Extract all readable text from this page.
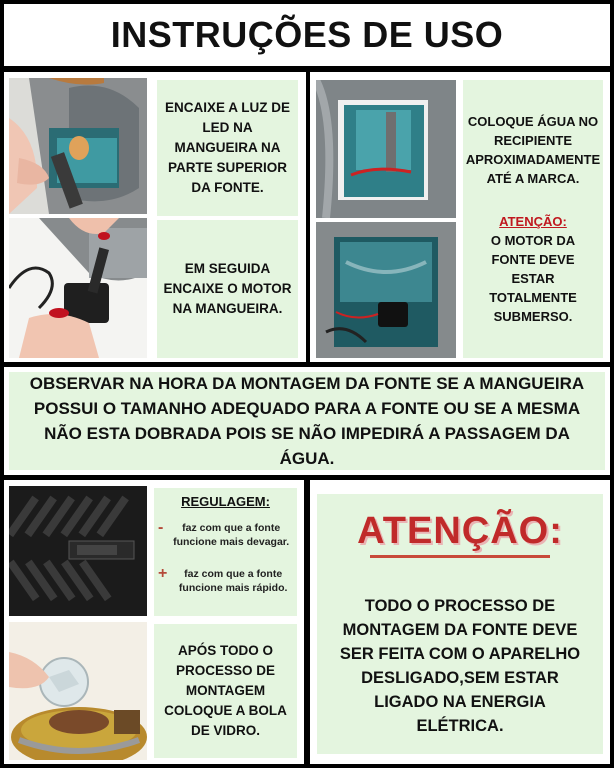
INSTRUÇÕES DE USO
ENCAIXE A LUZ DE LED NA MANGUEIRA NA PARTE SUPERIOR DA FONTE.
EM SEGUIDA ENCAIXE O MOTOR NA MANGUEIRA.
COLOQUE ÁGUA NO RECIPIENTE APROXIMADAMENTE ATÉ A MARCA.
ATENÇÃO:
O MOTOR DA FONTE DEVE ESTAR TOTALMENTE SUBMERSO.
OBSERVAR NA HORA DA MONTAGEM DA FONTE SE A MANGUEIRA POSSUI O TAMANHO ADEQUADO PARA A FONTE OU SE A MESMA NÃO ESTA DOBRADA POIS SE NÃO IMPEDIRÁ A PASSAGEM DA ÁGUA.
REGULAGEM:
-	faz com que a fonte funcione mais devagar.
+	faz com que a fonte funcione mais rápido.
APÓS TODO O PROCESSO DE MONTAGEM COLOQUE A BOLA DE VIDRO.
ATENÇÃO:
TODO O PROCESSO DE MONTAGEM DA FONTE DEVE SER FEITA COM O APARELHO DESLIGADO,SEM ESTAR LIGADO NA ENERGIA ELÉTRICA.
